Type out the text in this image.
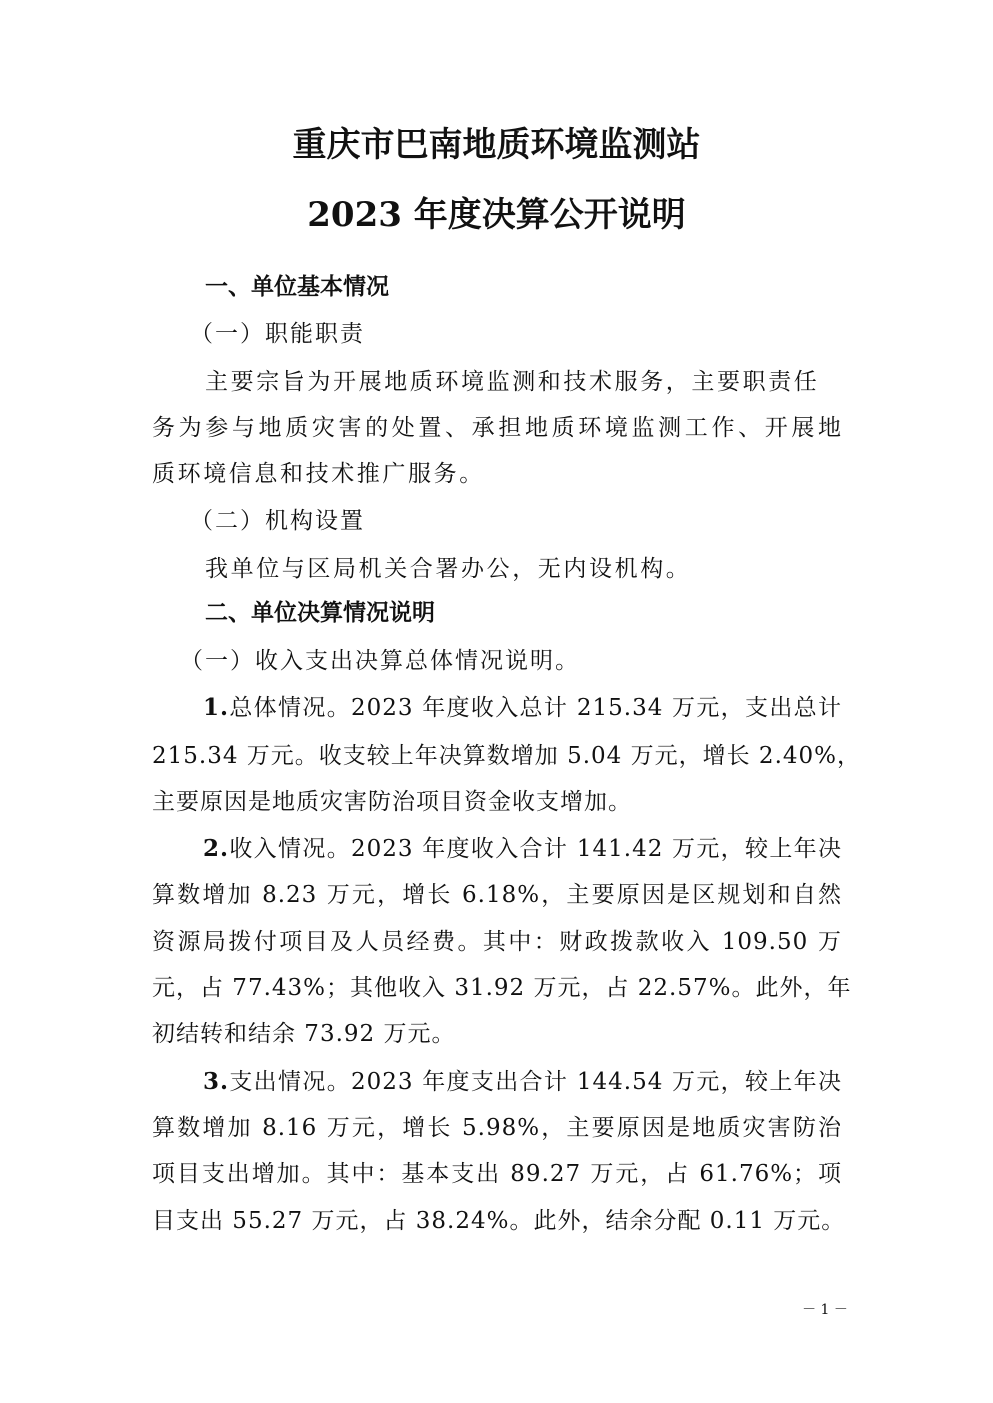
重庆市巴南地质环境监测站
2023 年度决算公开说明
一、单位基本情况
（一）职能职责
主要宗旨为开展地质环境监测和技术服务，主要职责任
务为参与地质灾害的处置、承担地质环境监测工作、开展地
质环境信息和技术推广服务。
（二）机构设置
我单位与区局机关合署办公，无内设机构。
二、单位决算情况说明
（一）收入支出决算总体情况说明。
1.总体情况。2023 年度收入总计 215.34 万元，支出总计
215.34 万元。收支较上年决算数增加 5.04 万元，增长 2.40%，
主要原因是地质灾害防治项目资金收支增加。
2.收入情况。2023 年度收入合计 141.42 万元，较上年决
算数增加 8.23 万元，增长 6.18%，主要原因是区规划和自然
资源局拨付项目及人员经费。其中：财政拨款收入 109.50 万
元，占 77.43%；其他收入 31.92 万元，占 22.57%。此外，年
初结转和结余 73.92 万元。
3.支出情况。2023 年度支出合计 144.54 万元，较上年决
算数增加 8.16 万元，增长 5.98%，主要原因是地质灾害防治
项目支出增加。其中：基本支出 89.27 万元，占 61.76%；项
目支出 55.27 万元，占 38.24%。此外，结余分配 0.11 万元。
－ 1 －
